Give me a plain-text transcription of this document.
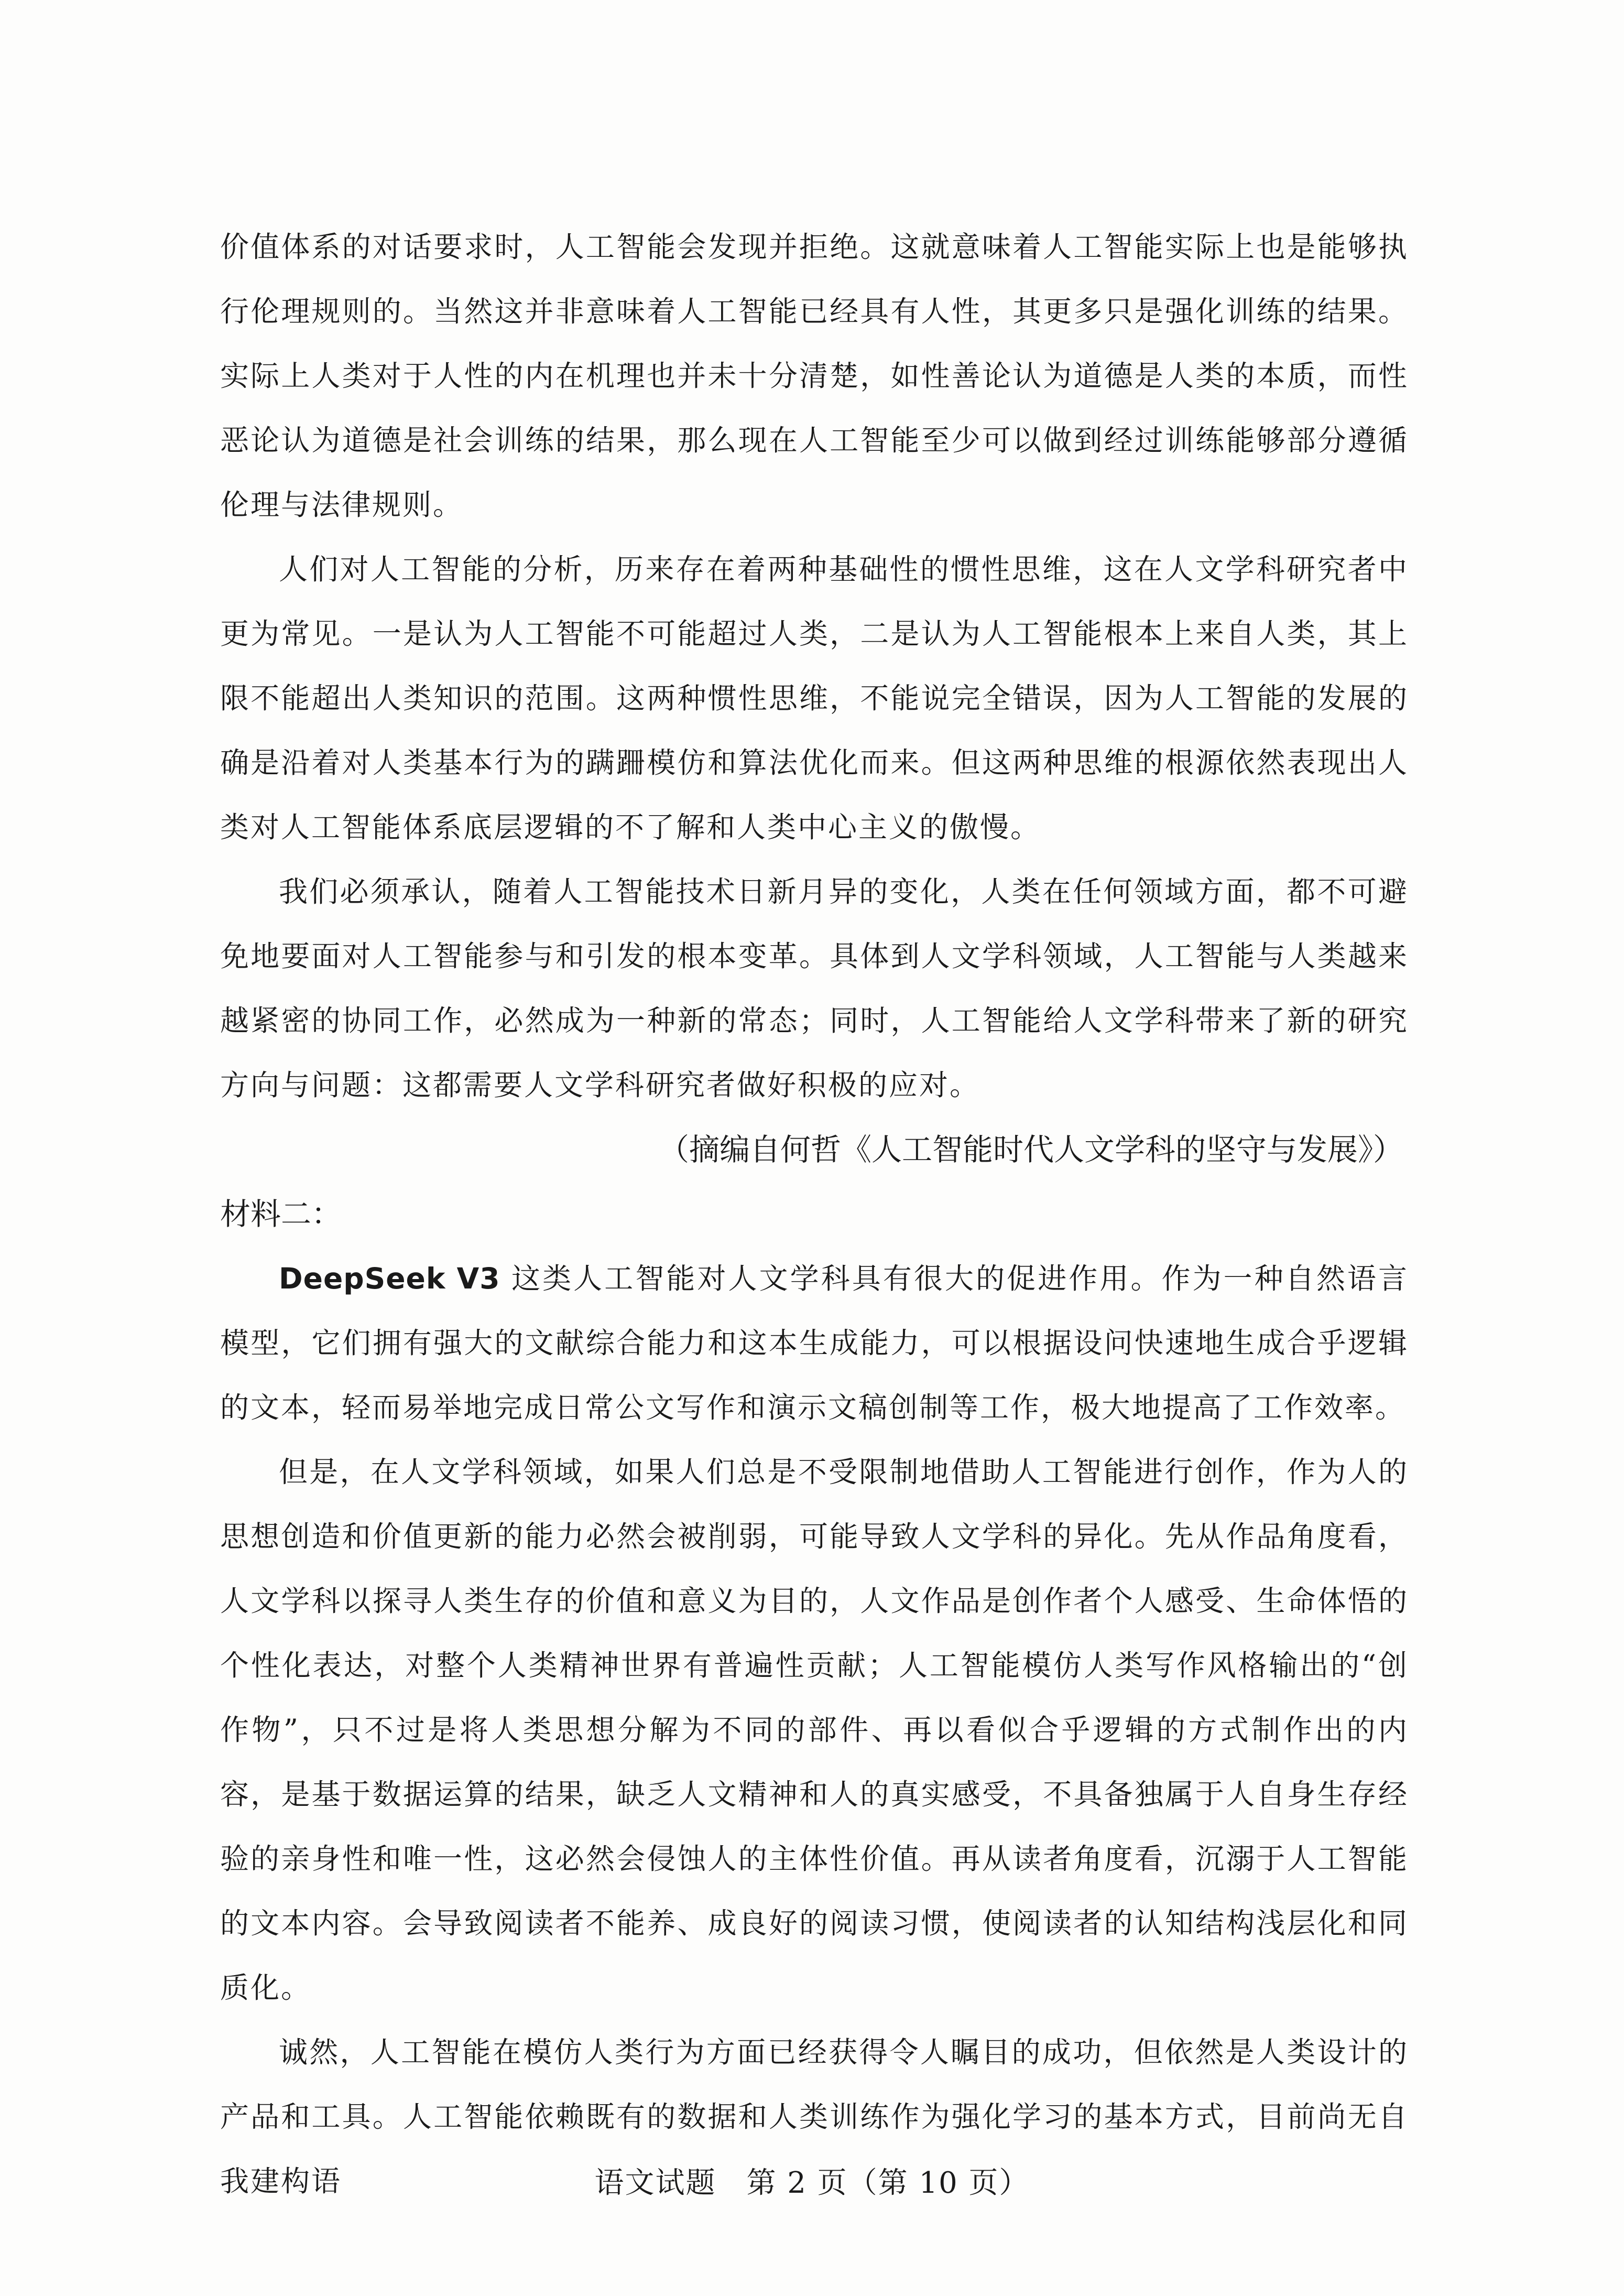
价值体系的对话要求时，人工智能会发现并拒绝。这就意味着人工智能实际上也是能够执行伦理规则的。当然这并非意味着人工智能已经具有人性，其更多只是强化训练的结果。实际上人类对于人性的内在机理也并未十分清楚，如性善论认为道德是人类的本质，而性恶论认为道德是社会训练的结果，那么现在人工智能至少可以做到经过训练能够部分遵循伦理与法律规则。

人们对人工智能的分析，历来存在着两种基础性的惯性思维，这在人文学科研究者中更为常见。一是认为人工智能不可能超过人类，二是认为人工智能根本上来自人类，其上限不能超出人类知识的范围。这两种惯性思维，不能说完全错误，因为人工智能的发展的确是沿着对人类基本行为的蹒跚模仿和算法优化而来。但这两种思维的根源依然表现出人类对人工智能体系底层逻辑的不了解和人类中心主义的傲慢。

我们必须承认，随着人工智能技术日新月异的变化，人类在任何领域方面，都不可避免地要面对人工智能参与和引发的根本变革。具体到人文学科领域，人工智能与人类越来越紧密的协同工作，必然成为一种新的常态；同时，人工智能给人文学科带来了新的研究方向与问题：这都需要人文学科研究者做好积极的应对。

（摘编自何哲《人工智能时代人文学科的坚守与发展》）

材料二：

DeepSeek V3 这类人工智能对人文学科具有很大的促进作用。作为一种自然语言模型，它们拥有强大的文献综合能力和这本生成能力，可以根据设问快速地生成合乎逻辑的文本，轻而易举地完成日常公文写作和演示文稿创制等工作，极大地提高了工作效率。

但是，在人文学科领域，如果人们总是不受限制地借助人工智能进行创作，作为人的思想创造和价值更新的能力必然会被削弱，可能导致人文学科的异化。先从作品角度看，人文学科以探寻人类生存的价值和意义为目的，人文作品是创作者个人感受、生命体悟的个性化表达，对整个人类精神世界有普遍性贡献；人工智能模仿人类写作风格输出的“创作物”，只不过是将人类思想分解为不同的部件、再以看似合乎逻辑的方式制作出的内容，是基于数据运算的结果，缺乏人文精神和人的真实感受，不具备独属于人自身生存经验的亲身性和唯一性，这必然会侵蚀人的主体性价值。再从读者角度看，沉溺于人工智能的文本内容。会导致阅读者不能养、成良好的阅读习惯，使阅读者的认知结构浅层化和同质化。

诚然，人工智能在模仿人类行为方面已经获得令人瞩目的成功，但依然是人类设计的产品和工具。人工智能依赖既有的数据和人类训练作为强化学习的基本方式，目前尚无自我建构语	语文试题　第 2 页（第 10 页）
